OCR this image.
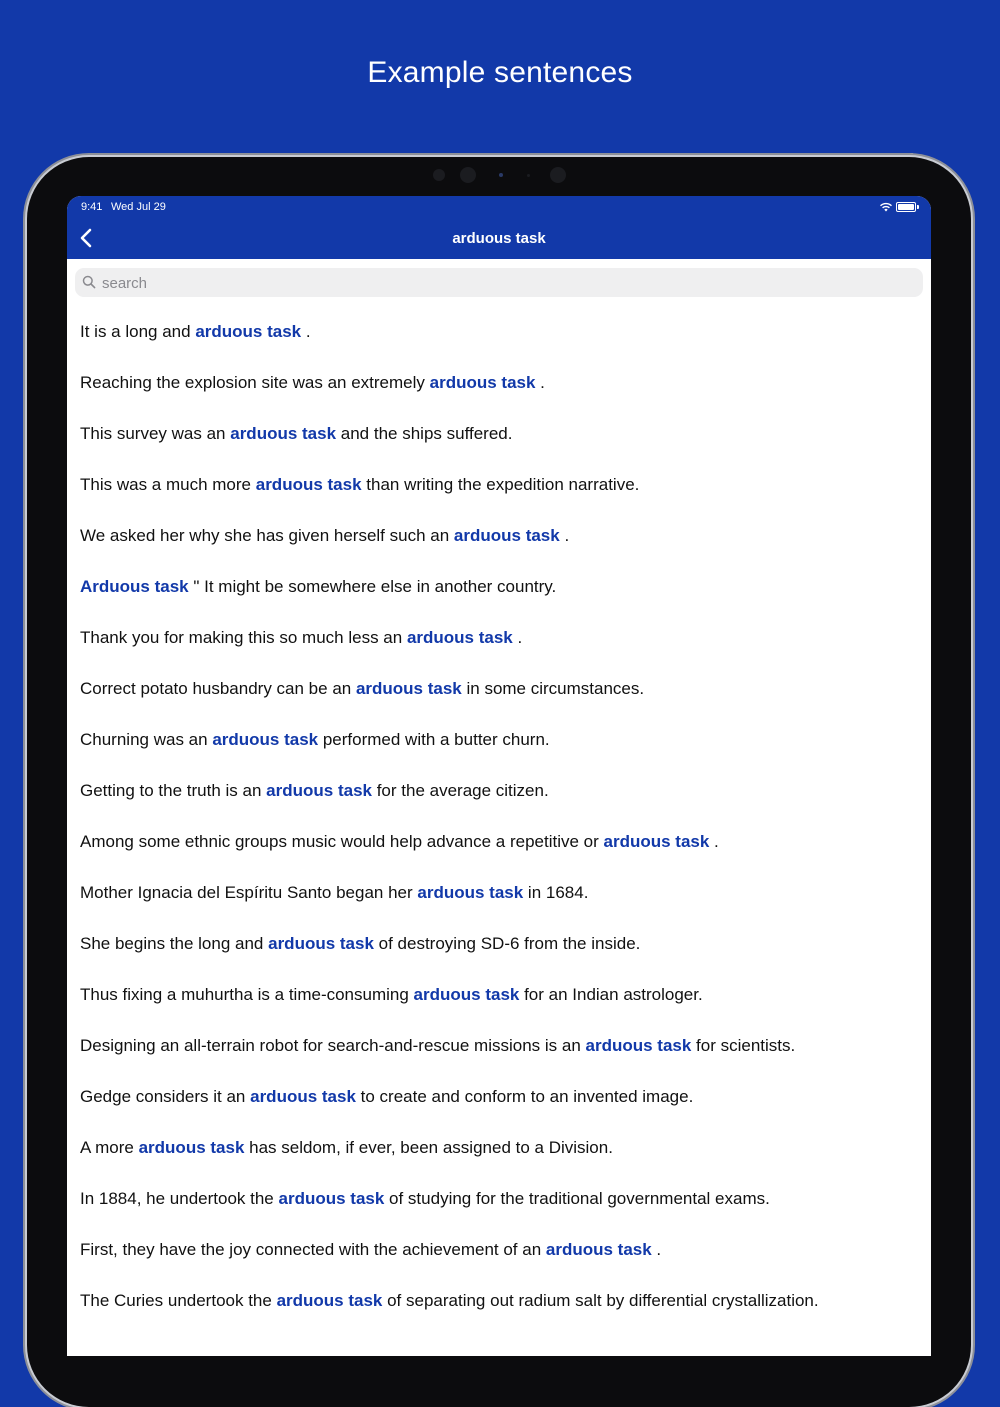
Example sentences
9:41 Wed Jul 29
arduous task
search
It is a long and arduous task .
Reaching the explosion site was an extremely arduous task .
This survey was an arduous task and the ships suffered.
This was a much more arduous task than writing the expedition narrative.
We asked her why she has given herself such an arduous task .
Arduous task " It might be somewhere else in another country.
Thank you for making this so much less an arduous task .
Correct potato husbandry can be an arduous task in some circumstances.
Churning was an arduous task performed with a butter churn.
Getting to the truth is an arduous task for the average citizen.
Among some ethnic groups music would help advance a repetitive or arduous task .
Mother Ignacia del Espíritu Santo began her arduous task in 1684.
She begins the long and arduous task of destroying SD-6 from the inside.
Thus fixing a muhurtha is a time-consuming arduous task for an Indian astrologer.
Designing an all-terrain robot for search-and-rescue missions is an arduous task for scientists.
Gedge considers it an arduous task to create and conform to an invented image.
A more arduous task has seldom, if ever, been assigned to a Division.
In 1884, he undertook the arduous task of studying for the traditional governmental exams.
First, they have the joy connected with the achievement of an arduous task .
The Curies undertook the arduous task of separating out radium salt by differential crystallization.
